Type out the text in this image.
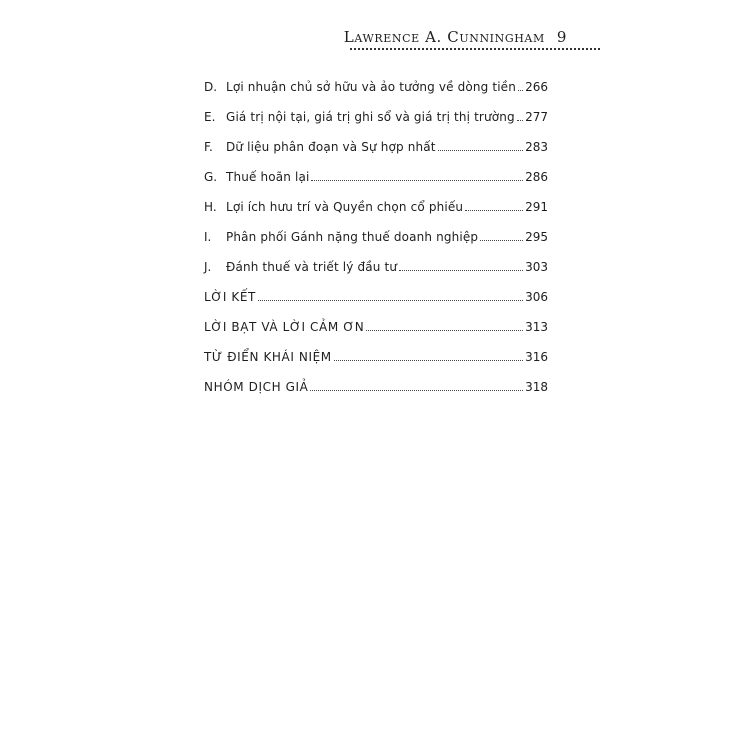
Lawrence A. Cunningham 9
D. Lợi nhuận chủ sở hữu và ảo tưởng về dòng tiền 266
E. Giá trị nội tại, giá trị ghi sổ và giá trị thị trường 277
F.	Dữ liệu phân đoạn và Sự hợp nhất	283
G. Thuế hoãn lại	286
H. Lợi ích hưu trí và Quyền chọn cổ phiếu	291
I.	Phân phối Gánh nặng thuế doanh nghiệp	295
J.	Đánh thuế và triết lý đầu tư	303
LỜI KẾT	306
LỜI BẠT VÀ LỜI CẢM ƠN	313
TỪ ĐIỂN KHÁI NIỆM	316
NHÓM DỊCH GIẢ	318
